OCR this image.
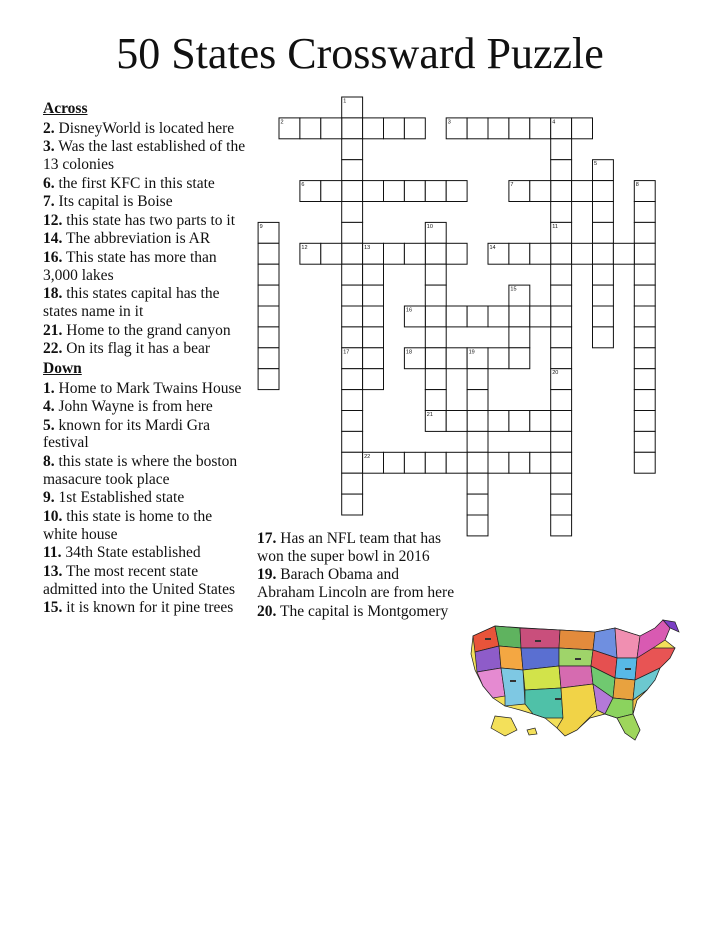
50 States Crossward Puzzle
Across
2. DisneyWorld is located here
3. Was the last established of the 13 colonies
6. the first KFC in this state
7. Its capital is Boise
12. this state has two parts to it
14. The abbreviation is AR
16. This state has more than 3,000 lakes
18. this states capital has the states name in it
21. Home to the grand canyon
22. On its flag it has a bear
Down
1. Home to Mark Twains House
4. John Wayne is from here
5. known for its Mardi Gra festival
8. this state is where the boston masacure took place
9. 1st Established state
10. this state is home to the white house
11. 34th State established
13. The most recent state admitted into the United States
15. it is known for it pine trees
17. Has an NFL team that has won the super bowl in 2016
19. Barach Obama and Abraham Lincoln are from here
20. The capital is Montgomery
1
2	3	4
5
6	7	8
9	10	11
12	13	14
15
16
17	18	19
20
21
22
